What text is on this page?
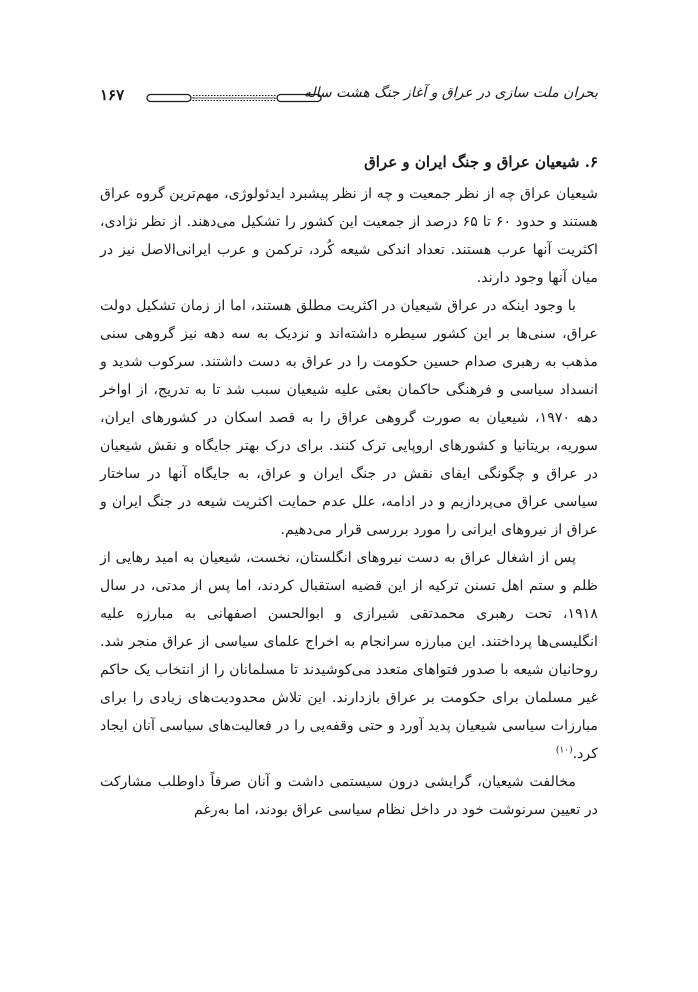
۱۶۷	بحران ملت سازی در عراق و آغاز جنگ هشت ساله
۶. شیعیان عراق و جنگ ایران و عراق

شیعیان عراق چه از نظر جمعیت و چه از نظر پیشبرد ایدئولوژی، مهم‌ترین گروه عراق هستند و حدود ۶۰ تا ۶۵ درصد از جمعیت این کشور را تشکیل می‌دهند. از نظر نژادی، اکثریت آنها عرب هستند. تعداد اندکی شیعه کُرد، ترکمن و عرب ایرانی‌الاصل نیز در میان آنها وجود دارند.

با وجود اینکه در عراق شیعیان در اکثریت مطلق هستند، اما از زمان تشکیل دولت عراق، سنی‌ها بر این کشور سیطره داشته‌اند و نزدیک به سه دهه نیز گروهی سنی مذهب به رهبری صدام حسین حکومت را در عراق به دست داشتند. سرکوب شدید و انسداد سیاسی و فرهنگی حاکمان بعثی علیه شیعیان سبب شد تا به تدریج، از اواخر دهه ۱۹۷۰، شیعیان به صورت گروهی عراق را به قصد اسکان در کشورهای ایران، سوریه، بریتانیا و کشورهای اروپایی ترک کنند. برای درک بهتر جایگاه و نقش شیعیان در عراق و چگونگی ایفای نقش در جنگ ایران و عراق، به جایگاه آنها در ساختار سیاسی عراق می‌پردازیم و در ادامه، علل عدم حمایت اکثریت شیعه در جنگ ایران و عراق از نیروهای ایرانی را مورد بررسی قرار می‌دهیم.

پس از اشغال عراق به دست نیروهای انگلستان، نخست، شیعیان به امید رهایی از ظلم و ستم اهل تسنن ترکیه از این قضیه استقبال کردند، اما پس از مدتی، در سال ۱۹۱۸، تحت رهبری محمدتقی شیرازی و ابوالحسن اصفهانی به مبارزه علیه انگلیسی‌ها پرداختند. این مبارزه سرانجام به اخراج علمای سیاسی از عراق منجر شد. روحانیان شیعه با صدور فتواهای متعدد می‌کوشیدند تا مسلمانان را از انتخاب یک حاکم غیر مسلمان برای حکومت بر عراق بازدارند. این تلاش محدودیت‌های زیادی را برای مبارزات سیاسی شیعیان پدید آورد و حتی وقفه‌یی را در فعالیت‌های سیاسی آنان ایجاد کرد.$^{(۱۰)}$

مخالفت شیعیان، گرایشی درون سیستمی داشت و آنان صرفاً داوطلب مشارکت در تعیین سرنوشت خود در داخل نظام سیاسی عراق بودند، اما به‌رغم
